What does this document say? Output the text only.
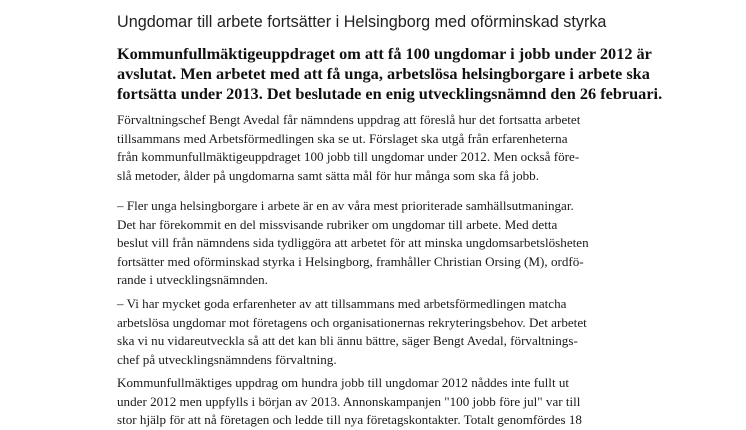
Ungdomar till arbete fortsätter i Helsingborg med oförminskad styrka
Kommunfullmäktigeuppdraget om att få 100 ungdomar i jobb under 2012 är
avslutat. Men arbetet med att få unga, arbetslösa helsingborgare i arbete ska
fortsätta under 2013. Det beslutade en enig utvecklingsnämnd den 26 februari.
Förvaltningschef Bengt Avedal får nämndens uppdrag att föreslå hur det fortsatta arbetet
tillsammans med Arbetsförmedlingen ska se ut. Förslaget ska utgå från erfarenheterna
från kommunfullmäktigeuppdraget 100 jobb till ungdomar under 2012. Men också före-
slå metoder, ålder på ungdomarna samt sätta mål för hur många som ska få jobb.
– Fler unga helsingborgare i arbete är en av våra mest prioriterade samhällsutmaningar.
Det har förekommit en del missvisande rubriker om ungdomar till arbete. Med detta
beslut vill från nämndens sida tydliggöra att arbetet för att minska ungdomsarbetslösheten
fortsätter med oförminskad styrka i Helsingborg, framhåller Christian Orsing (M), ordfö-
rande i utvecklingsnämnden.
– Vi har mycket goda erfarenheter av att tillsammans med arbetsförmedlingen matcha
arbetslösa ungdomar mot företagens och organisationernas rekryteringsbehov. Det arbetet
ska vi nu vidareutveckla så att det kan bli ännu bättre, säger Bengt Avedal, förvaltnings-
chef på utvecklingsnämndens förvaltning.
Kommunfullmäktiges uppdrag om hundra jobb till ungdomar 2012 nåddes inte fullt ut
under 2012 men uppfylls i början av 2013. Annonskampanjen "100 jobb före jul" var till
stor hjälp för att nå företagen och ledde till nya företagskontakter. Totalt genomfördes 18
